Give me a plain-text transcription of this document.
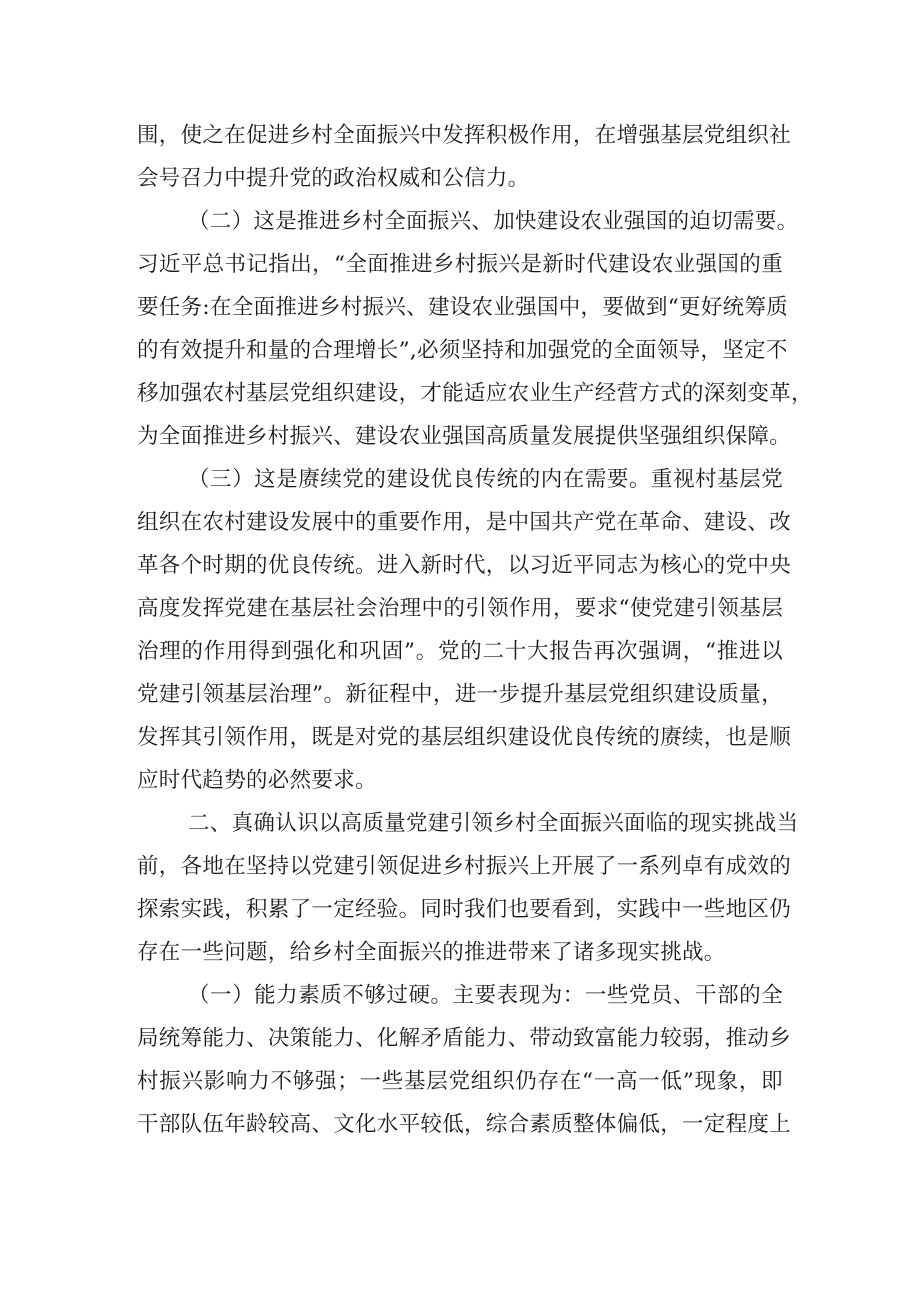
围，使之在促进乡村全面振兴中发挥积极作用，在增强基层党组织社
会号召力中提升党的政治权威和公信力。
（二）这是推进乡村全面振兴、加快建设农业强国的迫切需要。
习近平总书记指出，“全面推进乡村振兴是新时代建设农业强国的重
要任务:在全面推进乡村振兴、建设农业强国中，要做到“更好统筹质
的有效提升和量的合理增长”,必须坚持和加强党的全面领导，坚定不
移加强农村基层党组织建设，才能适应农业生产经营方式的深刻变革，
为全面推进乡村振兴、建设农业强国高质量发展提供坚强组织保障。
（三）这是赓续党的建设优良传统的内在需要。重视村基层党
组织在农村建设发展中的重要作用，是中国共产党在革命、建设、改
革各个时期的优良传统。进入新时代，以习近平同志为核心的党中央
高度发挥党建在基层社会治理中的引领作用，要求“使党建引领基层
治理的作用得到强化和巩固”。党的二十大报告再次强调，“推进以
党建引领基层治理”。新征程中，进一步提升基层党组织建设质量，
发挥其引领作用，既是对党的基层组织建设优良传统的赓续，也是顺
应时代趋势的必然要求。
二、真确认识以高质量党建引领乡村全面振兴面临的现实挑战当
前，各地在坚持以党建引领促进乡村振兴上开展了一系列卓有成效的
探索实践，积累了一定经验。同时我们也要看到，实践中一些地区仍
存在一些问题，给乡村全面振兴的推进带来了诸多现实挑战。
（一）能力素质不够过硬。主要表现为：一些党员、干部的全
局统筹能力、决策能力、化解矛盾能力、带动致富能力较弱，推动乡
村振兴影响力不够强；一些基层党组织仍存在“一高一低”现象，即
干部队伍年龄较高、文化水平较低，综合素质整体偏低，一定程度上
